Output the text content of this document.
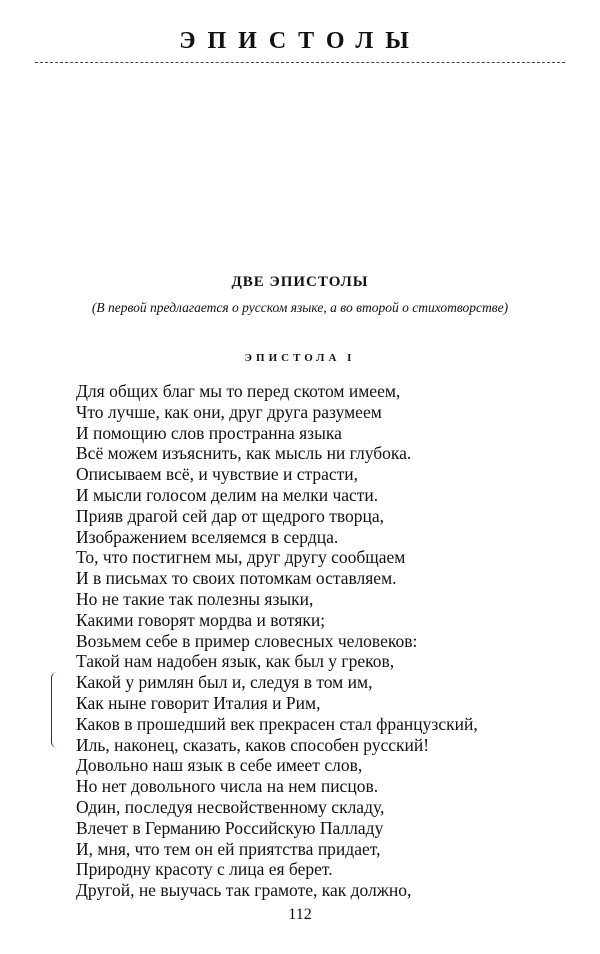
ЭПИСТОЛЫ
ДВЕ ЭПИСТОЛЫ
(В первой предлагается о русском языке, а во второй о стихотворстве)
ЭПИСТОЛА I
Для общих благ мы то перед скотом имеем,
Что лучше, как они, друг друга разумеем
И помощию слов пространна языка
Всё можем изъяснить, как мысль ни глубока.
Описываем всё, и чувствие и страсти,
И мысли голосом делим на мелки части.
Прияв драгой сей дар от щедрого творца,
Изображением вселяемся в сердца.
То, что постигнем мы, друг другу сообщаем
И в письмах то своих потомкам оставляем.
Но не такие так полезны языки,
Какими говорят мордва и вотяки;
Возьмем себе в пример словесных человеков:
Такой нам надобен язык, как был у греков,
Какой у римлян был и, следуя в том им,
Как ныне говорит Италия и Рим,
Каков в прошедший век прекрасен стал французский,
Иль, наконец, сказать, каков способен русский!
Довольно наш язык в себе имеет слов,
Но нет довольного числа на нем писцов.
Один, последуя несвойственному складу,
Влечет в Германию Российскую Палладу
И, мня, что тем он ей приятства придает,
Природну красоту с лица ея берет.
Другой, не выучась так грамоте, как должно,
112
